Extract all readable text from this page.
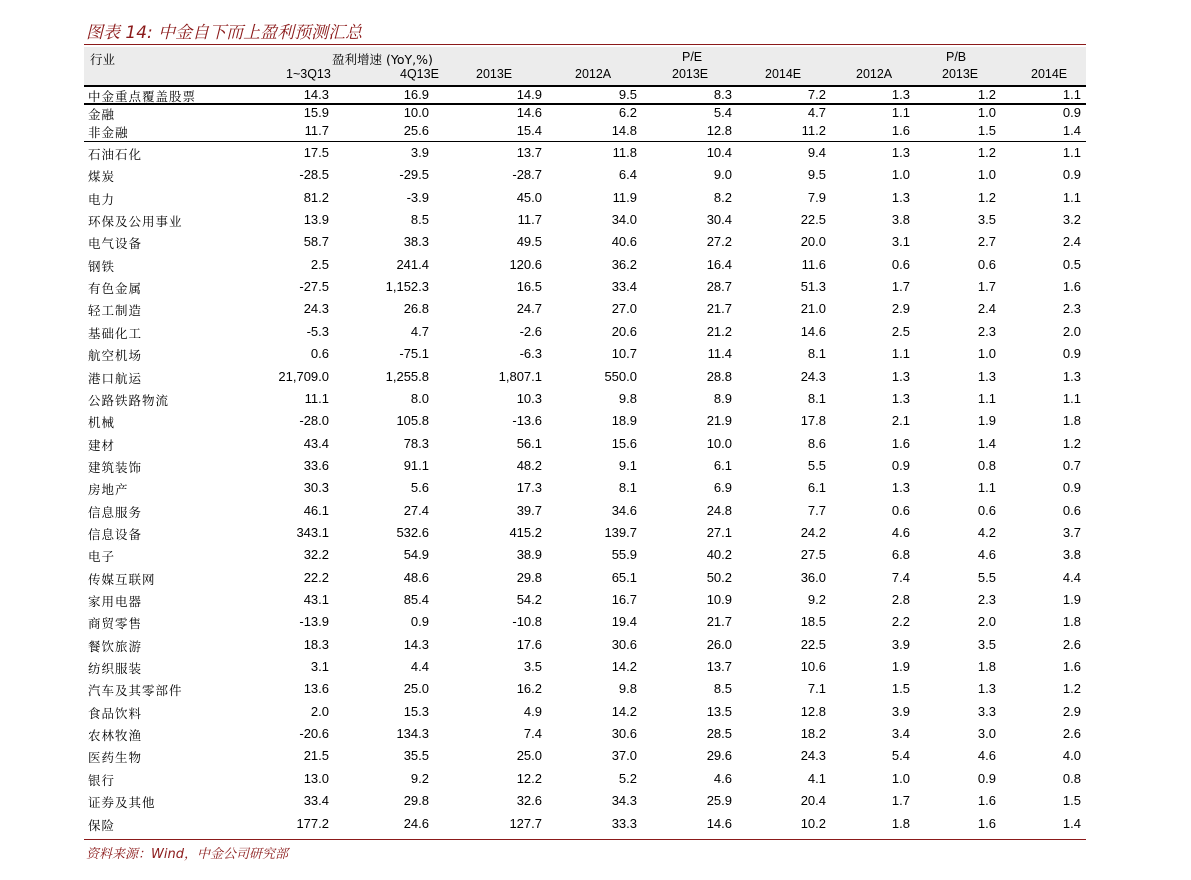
图表 14: 中金自下而上盈利预测汇总
行业	盈利增速 (YoY,%)	P/E	P/B
1~3Q13	4Q13E	2013E	2012A	2013E	2014E	2012A	2013E	2014E
中金重点覆盖股票	14.3	16.9	14.9	9.5	8.3	7.2	1.3	1.2	1.1
金融	15.9	10.0	14.6	6.2	5.4	4.7	1.1	1.0	0.9
非金融	11.7	25.6	15.4	14.8	12.8	11.2	1.6	1.5	1.4
石油石化	17.5	3.9	13.7	11.8	10.4	9.4	1.3	1.2	1.1
煤炭	-28.5	-29.5	-28.7	6.4	9.0	9.5	1.0	1.0	0.9
电力	81.2	-3.9	45.0	11.9	8.2	7.9	1.3	1.2	1.1
环保及公用事业	13.9	8.5	11.7	34.0	30.4	22.5	3.8	3.5	3.2
电气设备	58.7	38.3	49.5	40.6	27.2	20.0	3.1	2.7	2.4
钢铁	2.5	241.4	120.6	36.2	16.4	11.6	0.6	0.6	0.5
有色金属	-27.5	1,152.3	16.5	33.4	28.7	51.3	1.7	1.7	1.6
轻工制造	24.3	26.8	24.7	27.0	21.7	21.0	2.9	2.4	2.3
基础化工	-5.3	4.7	-2.6	20.6	21.2	14.6	2.5	2.3	2.0
航空机场	0.6	-75.1	-6.3	10.7	11.4	8.1	1.1	1.0	0.9
港口航运	21,709.0	1,255.8	1,807.1	550.0	28.8	24.3	1.3	1.3	1.3
公路铁路物流	11.1	8.0	10.3	9.8	8.9	8.1	1.3	1.1	1.1
机械	-28.0	105.8	-13.6	18.9	21.9	17.8	2.1	1.9	1.8
建材	43.4	78.3	56.1	15.6	10.0	8.6	1.6	1.4	1.2
建筑装饰	33.6	91.1	48.2	9.1	6.1	5.5	0.9	0.8	0.7
房地产	30.3	5.6	17.3	8.1	6.9	6.1	1.3	1.1	0.9
信息服务	46.1	27.4	39.7	34.6	24.8	7.7	0.6	0.6	0.6
信息设备	343.1	532.6	415.2	139.7	27.1	24.2	4.6	4.2	3.7
电子	32.2	54.9	38.9	55.9	40.2	27.5	6.8	4.6	3.8
传媒互联网	22.2	48.6	29.8	65.1	50.2	36.0	7.4	5.5	4.4
家用电器	43.1	85.4	54.2	16.7	10.9	9.2	2.8	2.3	1.9
商贸零售	-13.9	0.9	-10.8	19.4	21.7	18.5	2.2	2.0	1.8
餐饮旅游	18.3	14.3	17.6	30.6	26.0	22.5	3.9	3.5	2.6
纺织服装	3.1	4.4	3.5	14.2	13.7	10.6	1.9	1.8	1.6
汽车及其零部件	13.6	25.0	16.2	9.8	8.5	7.1	1.5	1.3	1.2
食品饮料	2.0	15.3	4.9	14.2	13.5	12.8	3.9	3.3	2.9
农林牧渔	-20.6	134.3	7.4	30.6	28.5	18.2	3.4	3.0	2.6
医药生物	21.5	35.5	25.0	37.0	29.6	24.3	5.4	4.6	4.0
银行	13.0	9.2	12.2	5.2	4.6	4.1	1.0	0.9	0.8
证券及其他	33.4	29.8	32.6	34.3	25.9	20.4	1.7	1.6	1.5
保险	177.2	24.6	127.7	33.3	14.6	10.2	1.8	1.6	1.4
资料来源：Wind，中金公司研究部
